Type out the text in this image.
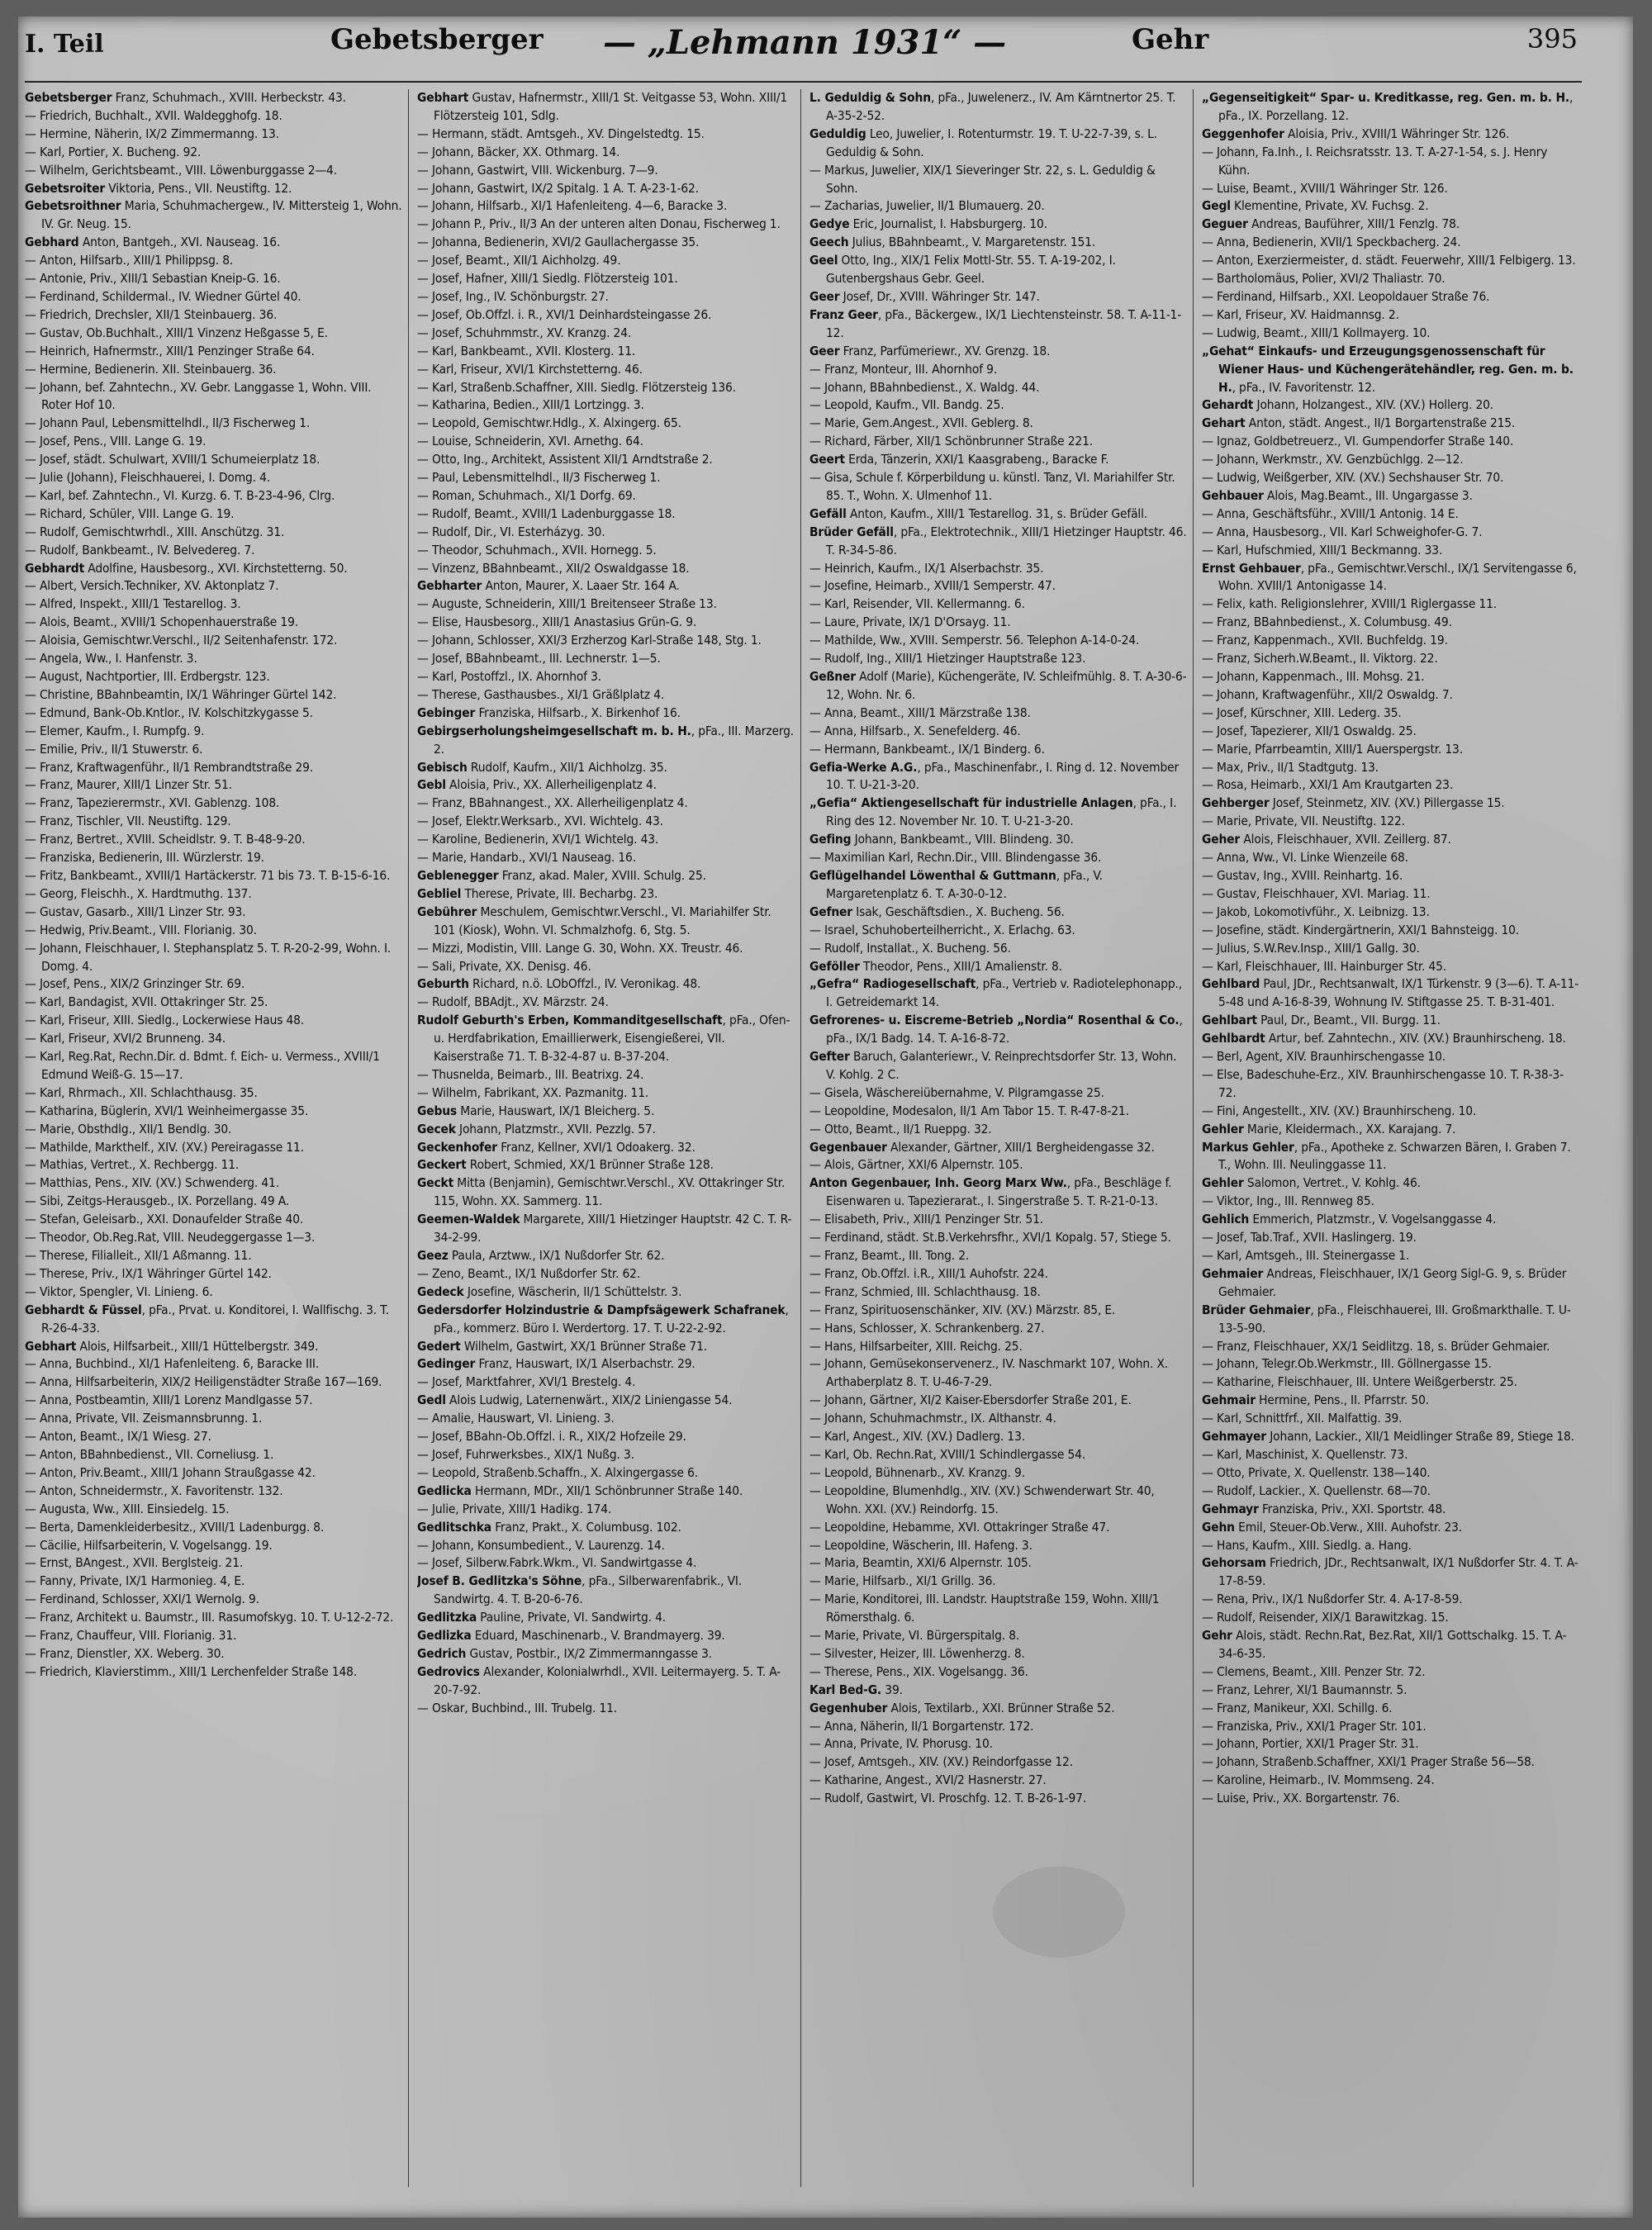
I. Teil	Gebetsberger — „Lehmann 1931“ —	Gehr	395

Gebetsberger Franz, Schuhmach., XVIII. Herbeckstr. 43.

— Friedrich, Buchhalt., XVII. Waldegghofg. 18.

— Hermine, Näherin, IX/2 Zimmermanng. 13.

— Karl, Portier, X. Bucheng. 92.

— Wilhelm, Gerichtsbeamt., VIII. Löwenburggasse 2—4.

Gebetsroiter Viktoria, Pens., VII. Neustiftg. 12.

Gebetsroithner Maria, Schuhmachergew., IV. Mittersteig 1, Wohn. IV. Gr. Neug. 15.

Gebhard Anton, Bantgeh., XVI. Nauseag. 16.

— Anton, Hilfsarb., XIII/1 Philippsg. 8.

— Antonie, Priv., XIII/1 Sebastian Kneip-G. 16.

— Ferdinand, Schildermal., IV. Wiedner Gürtel 40.

— Friedrich, Drechsler, XII/1 Steinbauerg. 36.

— Gustav, Ob.Buchhalt., XIII/1 Vinzenz Heßgasse 5, E.

— Heinrich, Hafnermstr., XIII/1 Penzinger Straße 64.

— Hermine, Bedienerin. XII. Steinbauerg. 36.

— Johann, bef. Zahntechn., XV. Gebr. Langgasse 1, Wohn. VIII. Roter Hof 10.

— Johann Paul, Lebensmittelhdl., II/3 Fischerweg 1.

— Josef, Pens., VIII. Lange G. 19.

— Josef, städt. Schulwart, XVIII/1 Schumeierplatz 18.

— Julie (Johann), Fleischhauerei, I. Domg. 4.

— Karl, bef. Zahntechn., VI. Kurzg. 6. T. B-23-4-96, Clrg.

— Richard, Schüler, VIII. Lange G. 19.

— Rudolf, Gemischtwrhdl., XIII. Anschützg. 31.

— Rudolf, Bankbeamt., IV. Belvedereg. 7.

Gebhardt Adolfine, Hausbesorg., XVI. Kirchstetterng. 50.

— Albert, Versich.Techniker, XV. Aktonplatz 7.

— Alfred, Inspekt., XIII/1 Testarellog. 3.

— Alois, Beamt., XVIII/1 Schopenhauerstraße 19.

— Aloisia, Gemischtwr.Verschl., II/2 Seitenhafenstr. 172.

— Angela, Ww., I. Hanfenstr. 3.

— August, Nachtportier, III. Erdbergstr. 123.

— Christine, BBahnbeamtin, IX/1 Währinger Gürtel 142.

— Edmund, Bank-Ob.Kntlor., IV. Kolschitzkygasse 5.

— Elemer, Kaufm., I. Rumpfg. 9.

— Emilie, Priv., II/1 Stuwerstr. 6.

— Franz, Kraftwagenführ., II/1 Rembrandtstraße 29.

— Franz, Maurer, XIII/1 Linzer Str. 51.

— Franz, Tapezierermstr., XVI. Gablenzg. 108.

— Franz, Tischler, VII. Neustiftg. 129.

— Franz, Bertret., XVIII. Scheidlstr. 9. T. B-48-9-20.

— Franziska, Bedienerin, III. Würzlerstr. 19.

— Fritz, Bankbeamt., XVIII/1 Hartäckerstr. 71 bis 73. T. B-15-6-16.

— Georg, Fleischh., X. Hardtmuthg. 137.

— Gustav, Gasarb., XIII/1 Linzer Str. 93.

— Hedwig, Priv.Beamt., VIII. Florianig. 30.

— Johann, Fleischhauer, I. Stephansplatz 5. T. R-20-2-99, Wohn. I. Domg. 4.

— Josef, Pens., XIX/2 Grinzinger Str. 69.

— Karl, Bandagist, XVII. Ottakringer Str. 25.

— Karl, Friseur, XIII. Siedlg., Lockerwiese Haus 48.

— Karl, Friseur, XVI/2 Brunneng. 34.

— Karl, Reg.Rat, Rechn.Dir. d. Bdmt. f. Eich- u. Vermess., XVIII/1 Edmund Weiß-G. 15—17.

— Karl, Rhrmach., XII. Schlachthausg. 35.

— Katharina, Büglerin, XVI/1 Weinheimergasse 35.

— Marie, Obsthdlg., XII/1 Bendlg. 30.

— Mathilde, Markthelf., XIV. (XV.) Pereiragasse 11.

— Mathias, Vertret., X. Rechbergg. 11.

— Matthias, Pens., XIV. (XV.) Schwenderg. 41.

— Sibi, Zeitgs-Herausgeb., IX. Porzellang. 49 A.

— Stefan, Geleisarb., XXI. Donaufelder Straße 40.

— Theodor, Ob.Reg.Rat, VIII. Neudeggergasse 1—3.

— Therese, Filialleit., XII/1 Aßmanng. 11.

— Therese, Priv., IX/1 Währinger Gürtel 142.

— Viktor, Spengler, VI. Linieng. 6.

Gebhardt & Füssel, pFa., Prvat. u. Konditorei, I. Wallfischg. 3. T. R-26-4-33.

Gebhart Alois, Hilfsarbeit., XIII/1 Hüttelbergstr. 349.

— Anna, Buchbind., XI/1 Hafenleiteng. 6, Baracke III.

— Anna, Hilfsarbeiterin, XIX/2 Heiligenstädter Straße 167—169.

— Anna, Postbeamtin, XIII/1 Lorenz Mandlgasse 57.

— Anna, Private, VII. Zeismannsbrunng. 1.

— Anton, Beamt., IX/1 Wiesg. 27.

— Anton, BBahnbedienst., VII. Corneliusg. 1.

— Anton, Priv.Beamt., XIII/1 Johann Straußgasse 42.

— Anton, Schneidermstr., X. Favoritenstr. 132.

— Augusta, Ww., XIII. Einsiedelg. 15.

— Berta, Damenkleiderbesitz., XVIII/1 Ladenburgg. 8.

— Cäcilie, Hilfsarbeiterin, V. Vogelsangg. 19.

— Ernst, BAngest., XVII. Berglsteig. 21.

— Fanny, Private, IX/1 Harmonieg. 4, E.

— Ferdinand, Schlosser, XXI/1 Wernolg. 9.

— Franz, Architekt u. Baumstr., III. Rasumofskyg. 10. T. U-12-2-72.

— Franz, Chauffeur, VIII. Florianig. 31.

— Franz, Dienstler, XX. Weberg. 30.

— Friedrich, Klavierstimm., XIII/1 Lerchenfelder Straße 148.

Gebhart Gustav, Hafnermstr., XIII/1 St. Veitgasse 53, Wohn. XIII/1 Flötzersteig 101, Sdlg.

— Hermann, städt. Amtsgeh., XV. Dingelstedtg. 15.

— Johann, Bäcker, XX. Othmarg. 14.

— Johann, Gastwirt, VIII. Wickenburg. 7—9.

— Johann, Gastwirt, IX/2 Spitalg. 1 A. T. A-23-1-62.

— Johann, Hilfsarb., XI/1 Hafenleiteng. 4—6, Baracke 3.

— Johann P., Priv., II/3 An der unteren alten Donau, Fischerweg 1.

— Johanna, Bedienerin, XVI/2 Gaullachergasse 35.

— Josef, Beamt., XII/1 Aichholzg. 49.

— Josef, Hafner, XIII/1 Siedlg. Flötzersteig 101.

— Josef, Ing., IV. Schönburgstr. 27.

— Josef, Ob.Offzl. i. R., XVI/1 Deinhardsteingasse 26.

— Josef, Schuhmmstr., XV. Kranzg. 24.

— Karl, Bankbeamt., XVII. Klosterg. 11.

— Karl, Friseur, XVI/1 Kirchstetterng. 46.

— Karl, Straßenb.Schaffner, XIII. Siedlg. Flötzersteig 136.

— Katharina, Bedien., XIII/1 Lortzingg. 3.

— Leopold, Gemischtwr.Hdlg., X. Alxingerg. 65.

— Louise, Schneiderin, XVI. Arnethg. 64.

— Otto, Ing., Architekt, Assistent XII/1 Arndtstraße 2.

— Paul, Lebensmittelhdl., II/3 Fischerweg 1.

— Roman, Schuhmach., XI/1 Dorfg. 69.

— Rudolf, Beamt., XVIII/1 Ladenburggasse 18.

— Rudolf, Dir., VI. Esterházyg. 30.

— Theodor, Schuhmach., XVII. Hornegg. 5.

— Vinzenz, BBahnbeamt., XII/2 Oswaldgasse 18.

Gebharter Anton, Maurer, X. Laaer Str. 164 A.

— Auguste, Schneiderin, XIII/1 Breitenseer Straße 13.

— Elise, Hausbesorg., XIII/1 Anastasius Grün-G. 9.

— Johann, Schlosser, XXI/3 Erzherzog Karl-Straße 148, Stg. 1.

— Josef, BBahnbeamt., III. Lechnerstr. 1—5.

— Karl, Postoffzl., IX. Ahornhof 3.

— Therese, Gasthausbes., XI/1 Gräßlplatz 4.

Gebinger Franziska, Hilfsarb., X. Birkenhof 16.

Gebirgserholungsheimgesellschaft m. b. H., pFa., III. Marzerg. 2.

Gebisch Rudolf, Kaufm., XII/1 Aichholzg. 35.

Gebl Aloisia, Priv., XX. Allerheiligenplatz 4.

— Franz, BBahnangest., XX. Allerheiligenplatz 4.

— Josef, Elektr.Werksarb., XVI. Wichtelg. 43.

— Karoline, Bedienerin, XVI/1 Wichtelg. 43.

— Marie, Handarb., XVI/1 Nauseag. 16.

Geblenegger Franz, akad. Maler, XVIII. Schulg. 25.

Gebliel Therese, Private, III. Becharbg. 23.

Gebührer Meschulem, Gemischtwr.Verschl., VI. Mariahilfer Str. 101 (Kiosk), Wohn. VI. Schmalzhofg. 6, Stg. 5.

— Mizzi, Modistin, VIII. Lange G. 30, Wohn. XX. Treustr. 46.

— Sali, Private, XX. Denisg. 46.

Geburth Richard, n.ö. LObOffzl., IV. Veronikag. 48.

— Rudolf, BBAdjt., XV. Märzstr. 24.

Rudolf Geburth's Erben, Kommanditgesellschaft, pFa., Ofen- u. Herdfabrikation, Emaillierwerk, Eisengießerei, VII. Kaiserstraße 71. T. B-32-4-87 u. B-37-204.

— Thusnelda, Beimarb., III. Beatrixg. 24.

— Wilhelm, Fabrikant, XX. Pazmanitg. 11.

Gebus Marie, Hauswart, IX/1 Bleicherg. 5.

Gecek Johann, Platzmstr., XVII. Pezzlg. 57.

Geckenhofer Franz, Kellner, XVI/1 Odoakerg. 32.

Geckert Robert, Schmied, XX/1 Brünner Straße 128.

Geckt Mitta (Benjamin), Gemischtwr.Verschl., XV. Ottakringer Str. 115, Wohn. XX. Sammerg. 11.

Geemen-Waldek Margarete, XIII/1 Hietzinger Hauptstr. 42 C. T. R-34-2-99.

Geez Paula, Arztww., IX/1 Nußdorfer Str. 62.

— Zeno, Beamt., IX/1 Nußdorfer Str. 62.

Gedeck Josefine, Wäscherin, II/1 Schüttelstr. 3.

Gedersdorfer Holzindustrie & Dampfsägewerk Schafranek, pFa., kommerz. Büro I. Werdertorg. 17. T. U-22-2-92.

Gedert Wilhelm, Gastwirt, XX/1 Brünner Straße 71.

Gedinger Franz, Hauswart, IX/1 Alserbachstr. 29.

— Josef, Marktfahrer, XVI/1 Brestelg. 4.

Gedl Alois Ludwig, Laternenwärt., XIX/2 Liniengasse 54.

— Amalie, Hauswart, VI. Linieng. 3.

— Josef, BBahn-Ob.Offzl. i. R., XIX/2 Hofzeile 29.

— Josef, Fuhrwerksbes., XIX/1 Nußg. 3.

— Leopold, Straßenb.Schaffn., X. Alxingergasse 6.

Gedlicka Hermann, MDr., XII/1 Schönbrunner Straße 140.

— Julie, Private, XIII/1 Hadikg. 174.

Gedlitschka Franz, Prakt., X. Columbusg. 102.

— Johann, Konsumbedient., V. Laurenzg. 14.

— Josef, Silberw.Fabrk.Wkm., VI. Sandwirtgasse 4.

Josef B. Gedlitzka's Söhne, pFa., Silberwarenfabrik., VI. Sandwirtg. 4. T. B-20-6-76.

Gedlitzka Pauline, Private, VI. Sandwirtg. 4.

Gedlizka Eduard, Maschinenarb., V. Brandmayerg. 39.

Gedrich Gustav, Postbir., IX/2 Zimmermanngasse 3.

Gedrovics Alexander, Kolonialwrhdl., XVII. Leitermayerg. 5. T. A-20-7-92.

— Oskar, Buchbind., III. Trubelg. 11.

L. Geduldig & Sohn, pFa., Juwelenerz., IV. Am Kärntnertor 25. T. A-35-2-52.

Geduldig Leo, Juwelier, I. Rotenturmstr. 19. T. U-22-7-39, s. L. Geduldig & Sohn.

— Markus, Juwelier, XIX/1 Sieveringer Str. 22, s. L. Geduldig & Sohn.

— Zacharias, Juwelier, II/1 Blumauerg. 20.

Gedye Eric, Journalist, I. Habsburgerg. 10.

Geech Julius, BBahnbeamt., V. Margaretenstr. 151.

Geel Otto, Ing., XIX/1 Felix Mottl-Str. 55. T. A-19-202, I. Gutenbergshaus Gebr. Geel.

Geer Josef, Dr., XVIII. Währinger Str. 147.

Franz Geer, pFa., Bäckergew., IX/1 Liechtensteinstr. 58. T. A-11-1-12.

Geer Franz, Parfümeriewr., XV. Grenzg. 18.

— Franz, Monteur, III. Ahornhof 9.

— Johann, BBahnbedienst., X. Waldg. 44.

— Leopold, Kaufm., VII. Bandg. 25.

— Marie, Gem.Angest., XVII. Geblerg. 8.

— Richard, Färber, XII/1 Schönbrunner Straße 221.

Geert Erda, Tänzerin, XXI/1 Kaasgrabeng., Baracke F.

— Gisa, Schule f. Körperbildung u. künstl. Tanz, VI. Mariahilfer Str. 85. T., Wohn. X. Ulmenhof 11.

Gefäll Anton, Kaufm., XIII/1 Testarellog. 31, s. Brüder Gefäll.

Brüder Gefäll, pFa., Elektrotechnik., XIII/1 Hietzinger Hauptstr. 46. T. R-34-5-86.

— Heinrich, Kaufm., IX/1 Alserbachstr. 35.

— Josefine, Heimarb., XVIII/1 Semperstr. 47.

— Karl, Reisender, VII. Kellermanng. 6.

— Laure, Private, IX/1 D'Orsayg. 11.

— Mathilde, Ww., XVIII. Semperstr. 56. Telephon A-14-0-24.

— Rudolf, Ing., XIII/1 Hietzinger Hauptstraße 123.

Geßner Adolf (Marie), Küchengeräte, IV. Schleifmühlg. 8. T. A-30-6-12, Wohn. Nr. 6.

— Anna, Beamt., XIII/1 Märzstraße 138.

— Anna, Hilfsarb., X. Senefelderg. 46.

— Hermann, Bankbeamt., IX/1 Binderg. 6.

Gefia-Werke A.G., pFa., Maschinenfabr., I. Ring d. 12. November 10. T. U-21-3-20.

„Gefia“ Aktiengesellschaft für industrielle Anlagen, pFa., I. Ring des 12. November Nr. 10. T. U-21-3-20.

Gefing Johann, Bankbeamt., VIII. Blindeng. 30.

— Maximilian Karl, Rechn.Dir., VIII. Blindengasse 36.

Geflügelhandel Löwenthal & Guttmann, pFa., V. Margaretenplatz 6. T. A-30-0-12.

Gefner Isak, Geschäftsdien., X. Bucheng. 56.

— Israel, Schuhoberteilherricht., X. Erlachg. 63.

— Rudolf, Installat., X. Bucheng. 56.

Geföller Theodor, Pens., XIII/1 Amalienstr. 8.

„Gefra“ Radiogesellschaft, pFa., Vertrieb v. Radiotelephonapp., I. Getreidemarkt 14.

Gefrorenes- u. Eiscreme-Betrieb „Nordia“ Rosenthal & Co., pFa., IX/1 Badg. 14. T. A-16-8-72.

Gefter Baruch, Galanteriewr., V. Reinprechtsdorfer Str. 13, Wohn. V. Kohlg. 2 C.

— Gisela, Wäschereiübernahme, V. Pilgramgasse 25.

— Leopoldine, Modesalon, II/1 Am Tabor 15. T. R-47-8-21.

— Otto, Beamt., II/1 Rueppg. 32.

Gegenbauer Alexander, Gärtner, XIII/1 Bergheidengasse 32.

— Alois, Gärtner, XXI/6 Alpernstr. 105.

Anton Gegenbauer, Inh. Georg Marx Ww., pFa., Beschläge f. Eisenwaren u. Tapezierarat., I. Singerstraße 5. T. R-21-0-13.

— Elisabeth, Priv., XIII/1 Penzinger Str. 51.

— Ferdinand, städt. St.B.Verkehrsfhr., XVI/1 Kopalg. 57, Stiege 5.

— Franz, Beamt., III. Tong. 2.

— Franz, Ob.Offzl. i.R., XIII/1 Auhofstr. 224.

— Franz, Schmied, III. Schlachthausg. 18.

— Franz, Spirituosenschänker, XIV. (XV.) Märzstr. 85, E.

— Hans, Schlosser, X. Schrankenberg. 27.

— Hans, Hilfsarbeiter, XIII. Reichg. 25.

— Johann, Gemüsekonservenerz., IV. Naschmarkt 107, Wohn. X. Arthaberplatz 8. T. U-46-7-29.

— Johann, Gärtner, XI/2 Kaiser-Ebersdorfer Straße 201, E.

— Johann, Schuhmachmstr., IX. Althanstr. 4.

— Karl, Angest., XIV. (XV.) Dadlerg. 13.

— Karl, Ob. Rechn.Rat, XVIII/1 Schindlergasse 54.

— Leopold, Bühnenarb., XV. Kranzg. 9.

— Leopoldine, Blumenhdlg., XIV. (XV.) Schwenderwart Str. 40, Wohn. XXI. (XV.) Reindorfg. 15.

— Leopoldine, Hebamme, XVI. Ottakringer Straße 47.

— Leopoldine, Wäscherin, III. Hafeng. 3.

— Maria, Beamtin, XXI/6 Alpernstr. 105.

— Marie, Hilfsarb., XI/1 Grillg. 36.

— Marie, Konditorei, III. Landstr. Hauptstraße 159, Wohn. XIII/1 Römersthalg. 6.

— Marie, Private, VI. Bürgerspitalg. 8.

— Silvester, Heizer, III. Löwenherzg. 8.

— Therese, Pens., XIX. Vogelsangg. 36.

Karl Bed-G. 39.

Gegenhuber Alois, Textilarb., XXI. Brünner Straße 52.

— Anna, Näherin, II/1 Borgartenstr. 172.

— Anna, Private, IV. Phorusg. 10.

— Josef, Amtsgeh., XIV. (XV.) Reindorfgasse 12.

— Katharine, Angest., XVI/2 Hasnerstr. 27.

— Rudolf, Gastwirt, VI. Proschfg. 12. T. B-26-1-97.

„Gegenseitigkeit“ Spar- u. Kreditkasse, reg. Gen. m. b. H., pFa., IX. Porzellang. 12.

Geggenhofer Aloisia, Priv., XVIII/1 Währinger Str. 126.

— Johann, Fa.Inh., I. Reichsratsstr. 13. T. A-27-1-54, s. J. Henry Kühn.

— Luise, Beamt., XVIII/1 Währinger Str. 126.

Gegl Klementine, Private, XV. Fuchsg. 2.

Geguer Andreas, Bauführer, XIII/1 Fenzlg. 78.

— Anna, Bedienerin, XVII/1 Speckbacherg. 24.

— Anton, Exerziermeister, d. städt. Feuerwehr, XIII/1 Felbigerg. 13.

— Bartholomäus, Polier, XVI/2 Thaliastr. 70.

— Ferdinand, Hilfsarb., XXI. Leopoldauer Straße 76.

— Karl, Friseur, XV. Haidmannsg. 2.

— Ludwig, Beamt., XIII/1 Kollmayerg. 10.

„Gehat“ Einkaufs- und Erzeugungsgenossenschaft für Wiener Haus- und Küchengerätehändler, reg. Gen. m. b. H., pFa., IV. Favoritenstr. 12.

Gehardt Johann, Holzangest., XIV. (XV.) Hollerg. 20.

Gehart Anton, städt. Angest., II/1 Borgartenstraße 215.

— Ignaz, Goldbetreuerz., VI. Gumpendorfer Straße 140.

— Johann, Werkmstr., XV. Genzbüchlgg. 2—12.

— Ludwig, Weißgerber, XIV. (XV.) Sechshauser Str. 70.

Gehbauer Alois, Mag.Beamt., III. Ungargasse 3.

— Anna, Geschäftsführ., XVIII/1 Antonig. 14 E.

— Anna, Hausbesorg., VII. Karl Schweighofer-G. 7.

— Karl, Hufschmied, XIII/1 Beckmanng. 33.

Ernst Gehbauer, pFa., Gemischtwr.Verschl., IX/1 Servitengasse 6, Wohn. XVIII/1 Antonigasse 14.

— Felix, kath. Religionslehrer, XVIII/1 Riglergasse 11.

— Franz, BBahnbedienst., X. Columbusg. 49.

— Franz, Kappenmach., XVII. Buchfeldg. 19.

— Franz, Sicherh.W.Beamt., II. Viktorg. 22.

— Johann, Kappenmach., III. Mohsg. 21.

— Johann, Kraftwagenführ., XII/2 Oswaldg. 7.

— Josef, Kürschner, XIII. Lederg. 35.

— Josef, Tapezierer, XII/1 Oswaldg. 25.

— Marie, Pfarrbeamtin, XIII/1 Auerspergstr. 13.

— Max, Priv., II/1 Stadtgutg. 13.

— Rosa, Heimarb., XXI/1 Am Krautgarten 23.

Gehberger Josef, Steinmetz, XIV. (XV.) Pillergasse 15.

— Marie, Private, VII. Neustiftg. 122.

Geher Alois, Fleischhauer, XVII. Zeillerg. 87.

— Anna, Ww., VI. Linke Wienzeile 68.

— Gustav, Ing., XVIII. Reinhartg. 16.

— Gustav, Fleischhauer, XVI. Mariag. 11.

— Jakob, Lokomotivführ., X. Leibnizg. 13.

— Josefine, städt. Kindergärtnerin, XXI/1 Bahnsteigg. 10.

— Julius, S.W.Rev.Insp., XIII/1 Gallg. 30.

— Karl, Fleischhauer, III. Hainburger Str. 45.

Gehlbard Paul, JDr., Rechtsanwalt, IX/1 Türkenstr. 9 (3—6). T. A-11-5-48 und A-16-8-39, Wohnung IV. Stiftgasse 25. T. B-31-401.

Gehlbart Paul, Dr., Beamt., VII. Burgg. 11.

Gehlbardt Artur, bef. Zahntechn., XIV. (XV.) Braunhirscheng. 18.

— Berl, Agent, XIV. Braunhirschengasse 10.

— Else, Badeschuhe-Erz., XIV. Braunhirschengasse 10. T. R-38-3-72.

— Fini, Angestellt., XIV. (XV.) Braunhirscheng. 10.

Gehler Marie, Kleidermach., XX. Karajang. 7.

Markus Gehler, pFa., Apotheke z. Schwarzen Bären, I. Graben 7. T., Wohn. III. Neulinggasse 11.

Gehler Salomon, Vertret., V. Kohlg. 46.

— Viktor, Ing., III. Rennweg 85.

Gehlich Emmerich, Platzmstr., V. Vogelsanggasse 4.

— Josef, Tab.Traf., XVII. Haslingerg. 19.

— Karl, Amtsgeh., III. Steinergasse 1.

Gehmaier Andreas, Fleischhauer, IX/1 Georg Sigl-G. 9, s. Brüder Gehmaier.

Brüder Gehmaier, pFa., Fleischhauerei, III. Großmarkthalle. T. U-13-5-90.

— Franz, Fleischhauer, XX/1 Seidlitzg. 18, s. Brüder Gehmaier.

— Johann, Telegr.Ob.Werkmstr., III. Göllnergasse 15.

— Katharine, Fleischhauer, III. Untere Weißgerberstr. 25.

Gehmair Hermine, Pens., II. Pfarrstr. 50.

— Karl, Schnittfrf., XII. Malfattig. 39.

Gehmayer Johann, Lackier., XII/1 Meidlinger Straße 89, Stiege 18.

— Karl, Maschinist, X. Quellenstr. 73.

— Otto, Private, X. Quellenstr. 138—140.

— Rudolf, Lackier., X. Quellenstr. 68—70.

Gehmayr Franziska, Priv., XXI. Sportstr. 48.

Gehn Emil, Steuer-Ob.Verw., XIII. Auhofstr. 23.

— Hans, Kaufm., XIII. Siedlg. a. Hang.

Gehorsam Friedrich, JDr., Rechtsanwalt, IX/1 Nußdorfer Str. 4. T. A-17-8-59.

— Rena, Priv., IX/1 Nußdorfer Str. 4. A-17-8-59.

— Rudolf, Reisender, XIX/1 Barawitzkag. 15.

Gehr Alois, städt. Rechn.Rat, Bez.Rat, XII/1 Gottschalkg. 15. T. A-34-6-35.

— Clemens, Beamt., XIII. Penzer Str. 72.

— Franz, Lehrer, XI/1 Baumannstr. 5.

— Franz, Manikeur, XXI. Schillg. 6.

— Franziska, Priv., XXI/1 Prager Str. 101.

— Johann, Portier, XXI/1 Prager Str. 31.

— Johann, Straßenb.Schaffner, XXI/1 Prager Straße 56—58.

— Karoline, Heimarb., IV. Mommseng. 24.

— Luise, Priv., XX. Borgartenstr. 76.
